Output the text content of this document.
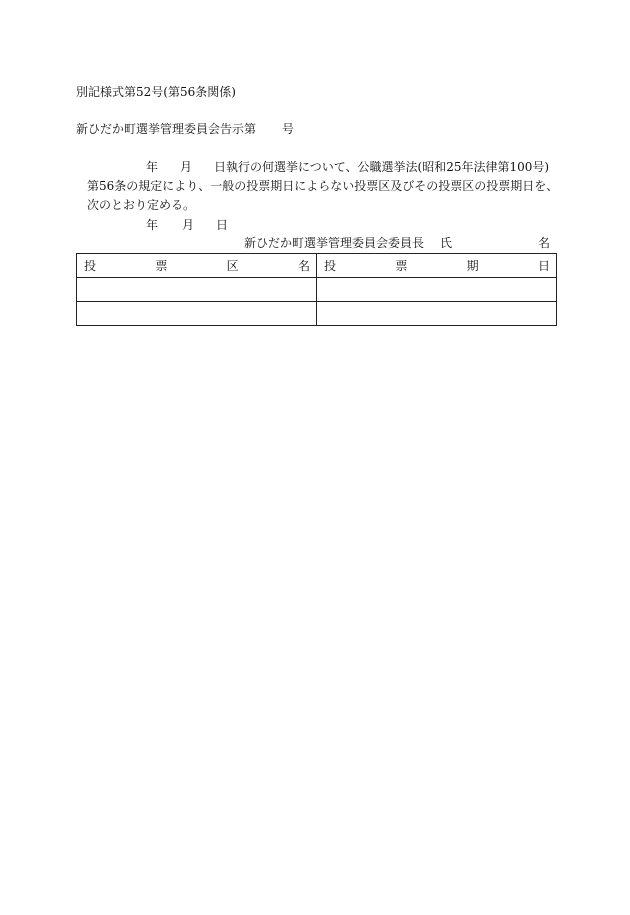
別記様式第52号(第56条関係)
新ひだか町選挙管理委員会告示第 号
年 月 日執行の何選挙について、公職選挙法(昭和25年法律第100号)
第56条の規定により、一般の投票期日によらない投票区及びその投票区の投票期日を、
次のとおり定める。
年 月 日
新ひだか町選挙管理委員会委員長 氏	名
投 票 区 名	投 票 期 日
